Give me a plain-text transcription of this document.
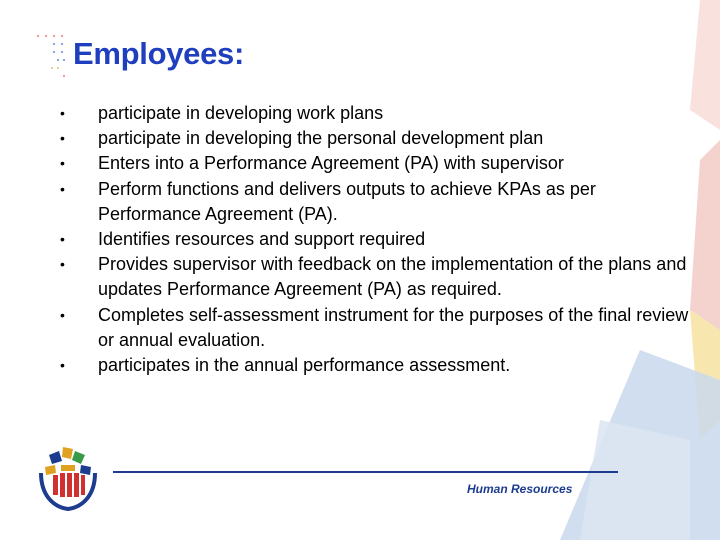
Employees:
• participate in developing work plans
• participate in developing the personal development plan
• Enters into a Performance Agreement (PA) with supervisor
• Perform functions and delivers outputs to achieve KPAs as per Performance Agreement (PA).
• Identifies resources and support required
• Provides supervisor with feedback on the implementation of the plans and updates Performance Agreement (PA) as required.
• Completes self-assessment instrument for the purposes of the final review or annual evaluation.
• participates in the annual performance assessment.
Human Resources
